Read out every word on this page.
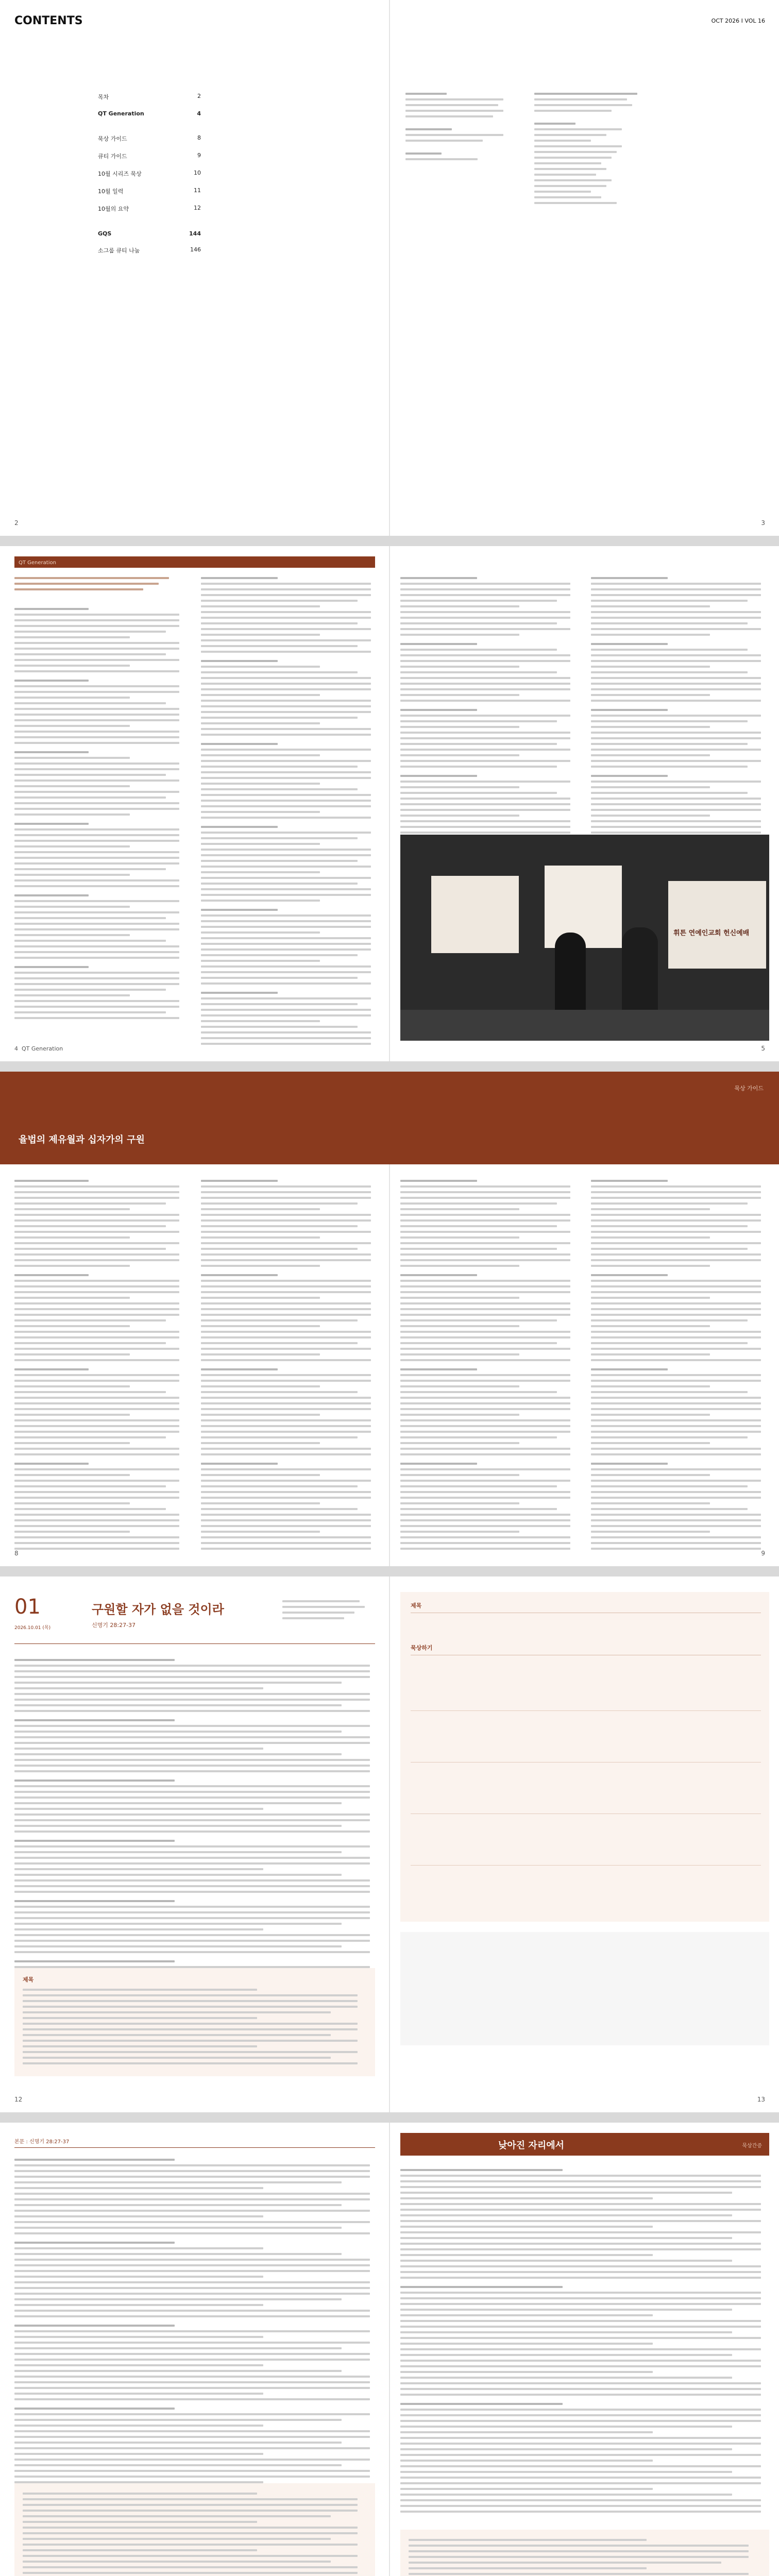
CONTENTS
목차	2
QT Generation	4
묵상 가이드	8
큐티 가이드	9
10월 시리즈 묵상	10
10월 일력	11
10월의 요약	12
GQS	144
소그룹 큐티 나눔	146
2
OCT 2026 I VOL 16
3
QT Generation
4  QT Generation
휘튼 연예인교회 헌신예배
5
묵상 가이드
율법의 제유월과 십자가의 구원
8	9
01
2026.10.01 (목)
구원할 자가 없을 것이라
신명기 28:27-37
제목
12
제목
묵상하기
13
본문 : 신명기 28:27-37	낮아진 자리에서	묵상간증
